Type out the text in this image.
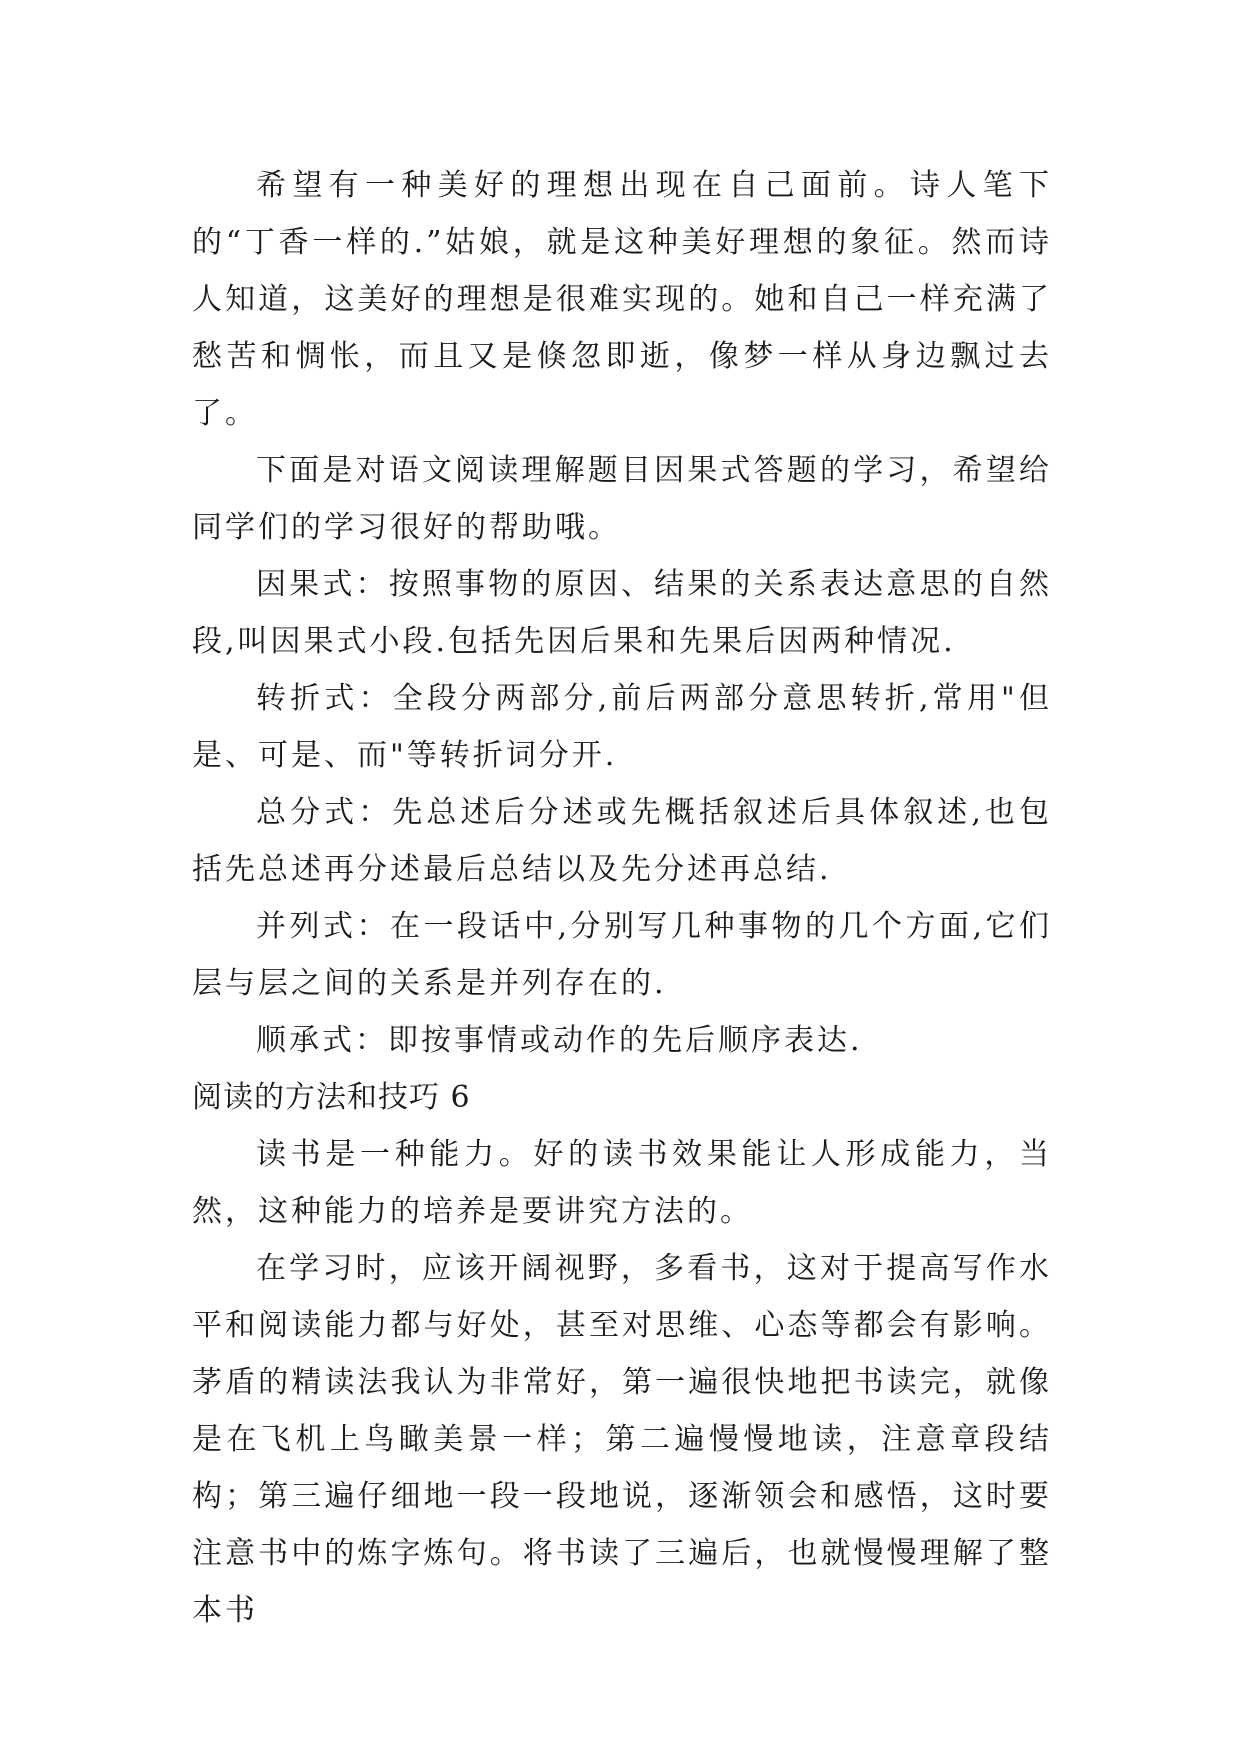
希望有一种美好的理想出现在自己面前。诗人笔下的“丁香一样的.”姑娘，就是这种美好理想的象征。然而诗人知道，这美好的理想是很难实现的。她和自己一样充满了愁苦和惆怅，而且又是倏忽即逝，像梦一样从身边飘过去了。

下面是对语文阅读理解题目因果式答题的学习，希望给同学们的学习很好的帮助哦。

因果式：按照事物的原因、结果的关系表达意思的自然段,叫因果式小段.包括先因后果和先果后因两种情况.

转折式：全段分两部分,前后两部分意思转折,常用"但是、可是、而"等转折词分开.

总分式：先总述后分述或先概括叙述后具体叙述,也包括先总述再分述最后总结以及先分述再总结.

并列式：在一段话中,分别写几种事物的几个方面,它们层与层之间的关系是并列存在的.

顺承式：即按事情或动作的先后顺序表达.

阅读的方法和技巧 6

读书是一种能力。好的读书效果能让人形成能力，当然，这种能力的培养是要讲究方法的。

在学习时，应该开阔视野，多看书，这对于提高写作水平和阅读能力都与好处，甚至对思维、心态等都会有影响。茅盾的精读法我认为非常好，第一遍很快地把书读完，就像是在飞机上鸟瞰美景一样；第二遍慢慢地读，注意章段结构；第三遍仔细地一段一段地说，逐渐领会和感悟，这时要注意书中的炼字炼句。将书读了三遍后，也就慢慢理解了整本书
